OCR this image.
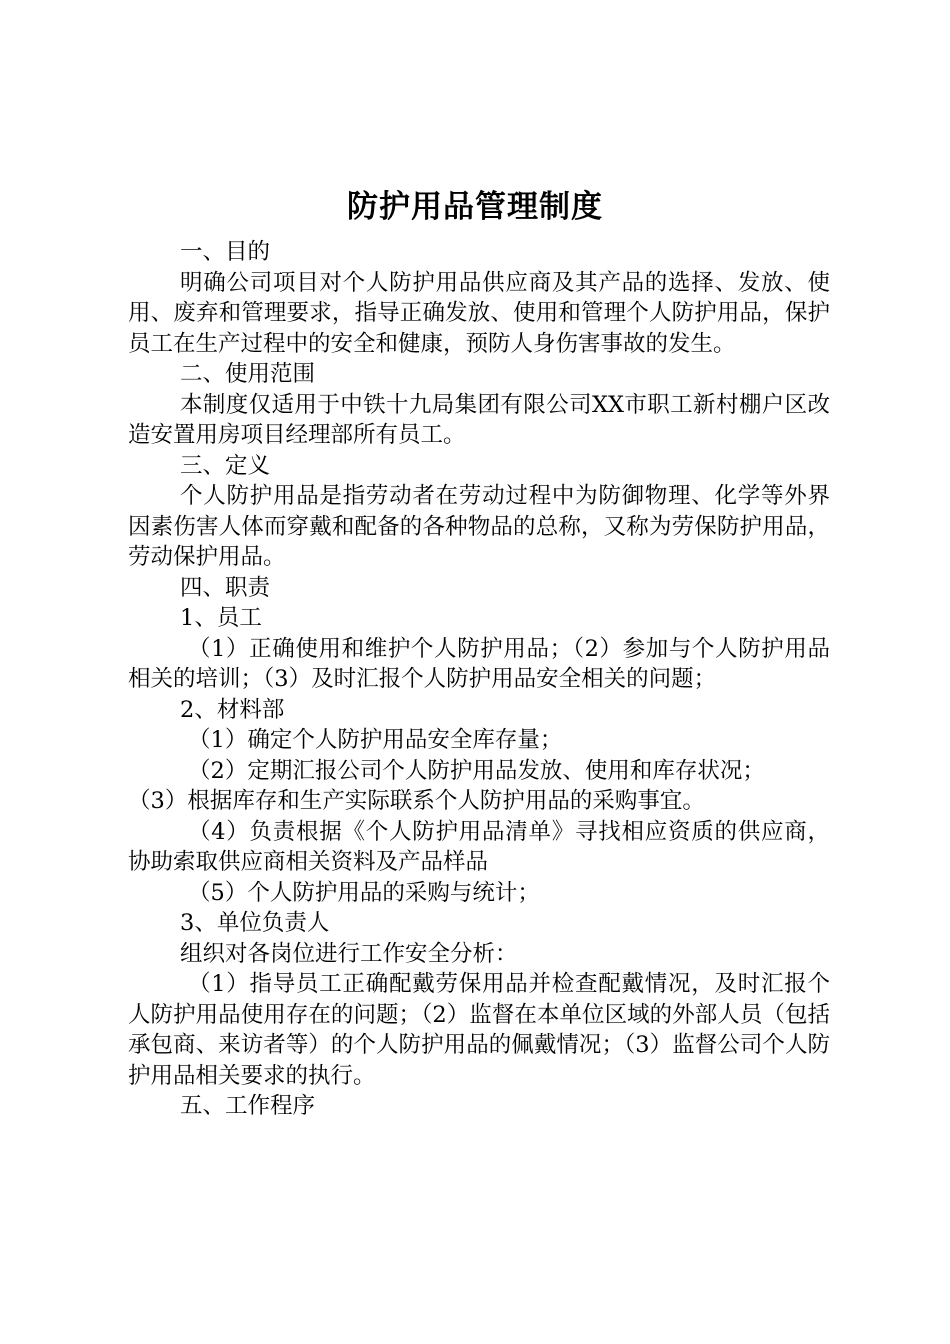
防护用品管理制度

一、目的

明确公司项目对个人防护用品供应商及其产品的选择、发放、使用、废弃和管理要求，指导正确发放、使用和管理个人防护用品，保护员工在生产过程中的安全和健康，预防人身伤害事故的发生。

二、使用范围

本制度仅适用于中铁十九局集团有限公司XX市职工新村棚户区改造安置用房项目经理部所有员工。

三、定义

个人防护用品是指劳动者在劳动过程中为防御物理、化学等外界因素伤害人体而穿戴和配备的各种物品的总称，又称为劳保防护用品，劳动保护用品。

四、职责

1、员工

（1）正确使用和维护个人防护用品；（2）参加与个人防护用品相关的培训；（3）及时汇报个人防护用品安全相关的问题；

2、材料部

（1）确定个人防护用品安全库存量；

（2）定期汇报公司个人防护用品发放、使用和库存状况；

（3）根据库存和生产实际联系个人防护用品的采购事宜。

（4）负责根据《个人防护用品清单》寻找相应资质的供应商，协助索取供应商相关资料及产品样品

（5）个人防护用品的采购与统计；

3、单位负责人

组织对各岗位进行工作安全分析：

（1）指导员工正确配戴劳保用品并检查配戴情况，及时汇报个人防护用品使用存在的问题；（2）监督在本单位区域的外部人员（包括承包商、来访者等）的个人防护用品的佩戴情况；（3）监督公司个人防护用品相关要求的执行。

五、工作程序
